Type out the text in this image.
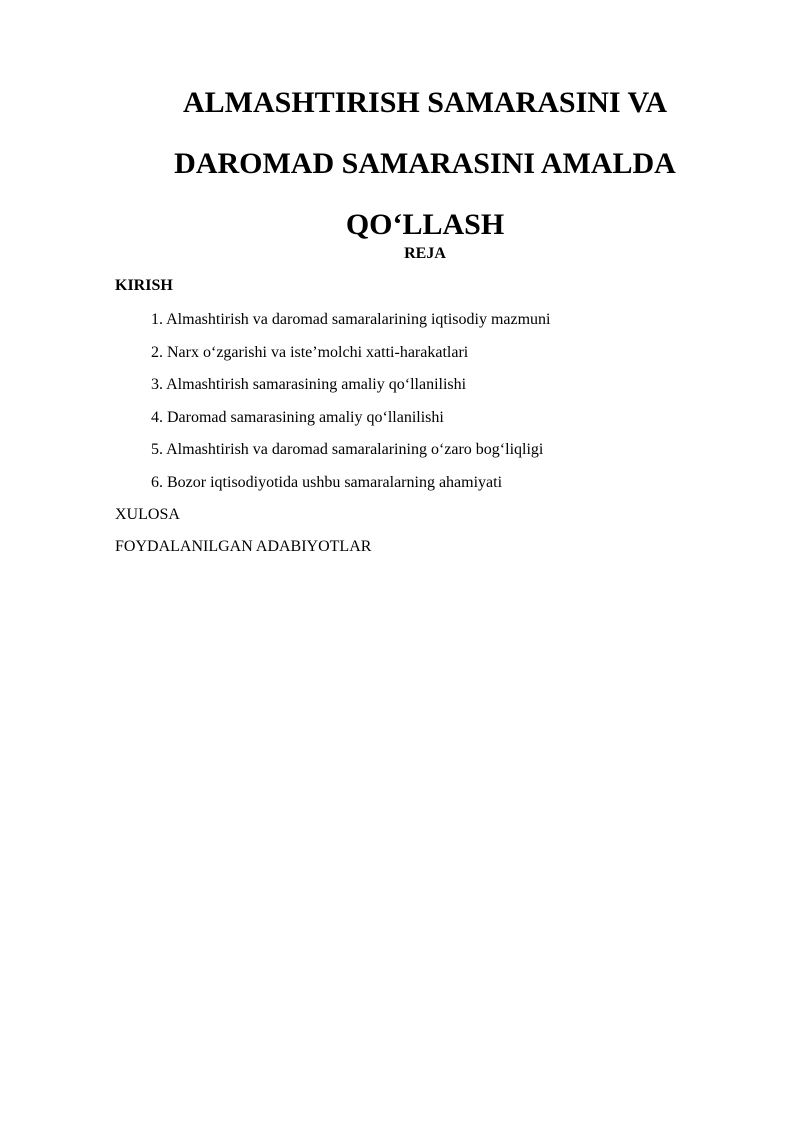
ALMASHTIRISH SAMARASINI VA
DAROMAD SAMARASINI AMALDA
QO‘LLASH

REJA

KIRISH

1. Almashtirish va daromad samaralarining iqtisodiy mazmuni
2. Narx o‘zgarishi va iste’molchi xatti-harakatlari
3. Almashtirish samarasining amaliy qo‘llanilishi
4. Daromad samarasining amaliy qo‘llanilishi
5. Almashtirish va daromad samaralarining o‘zaro bog‘liqligi
6. Bozor iqtisodiyotida ushbu samaralarning ahamiyati

XULOSA

FOYDALANILGAN ADABIYOTLAR
